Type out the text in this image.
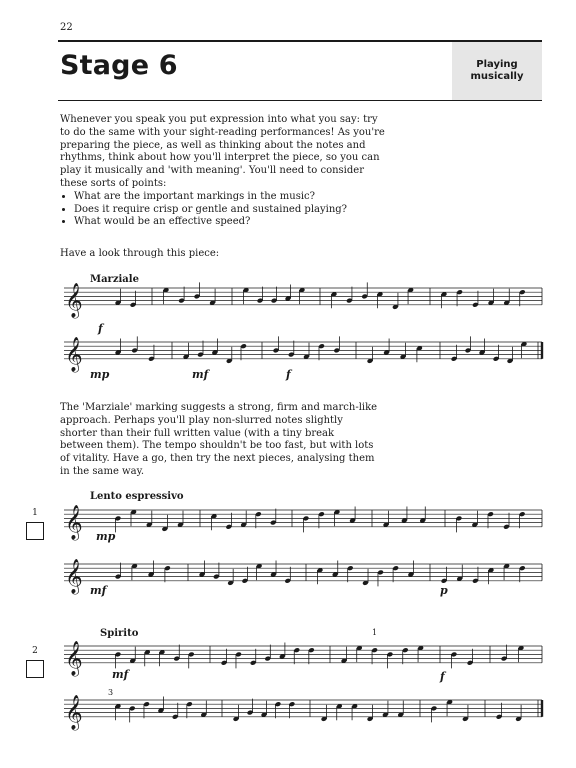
22
Stage 6	Playing
musically

Whenever you speak you put expression into what you say: try to do the same with your sight-reading performances! As you're preparing the piece, as well as thinking about the notes and rhythms, think about how you'll interpret the piece, so you can play it musically and 'with meaning'. You'll need to consider these sorts of points:

• What are the important markings in the music?
• Does it require crisp or gentle and sustained playing?
• What would be an effective speed?
Have a look through this piece:
Marziale
f
mp	mf	f

The 'Marziale' marking suggests a strong, firm and march-like approach. Perhaps you'll play non-slurred notes slightly shorter than their full written value (with a tiny break between them). The tempo shouldn't be too fast, but with lots of vitality. Have a go, then try the next pieces, analysing them in the same way.

1
Lento espressivo
mp
mf	p
2
Spirito
mf	f
1
3
𝄞
𝄞
𝄞
𝄞
𝄞
𝄞
